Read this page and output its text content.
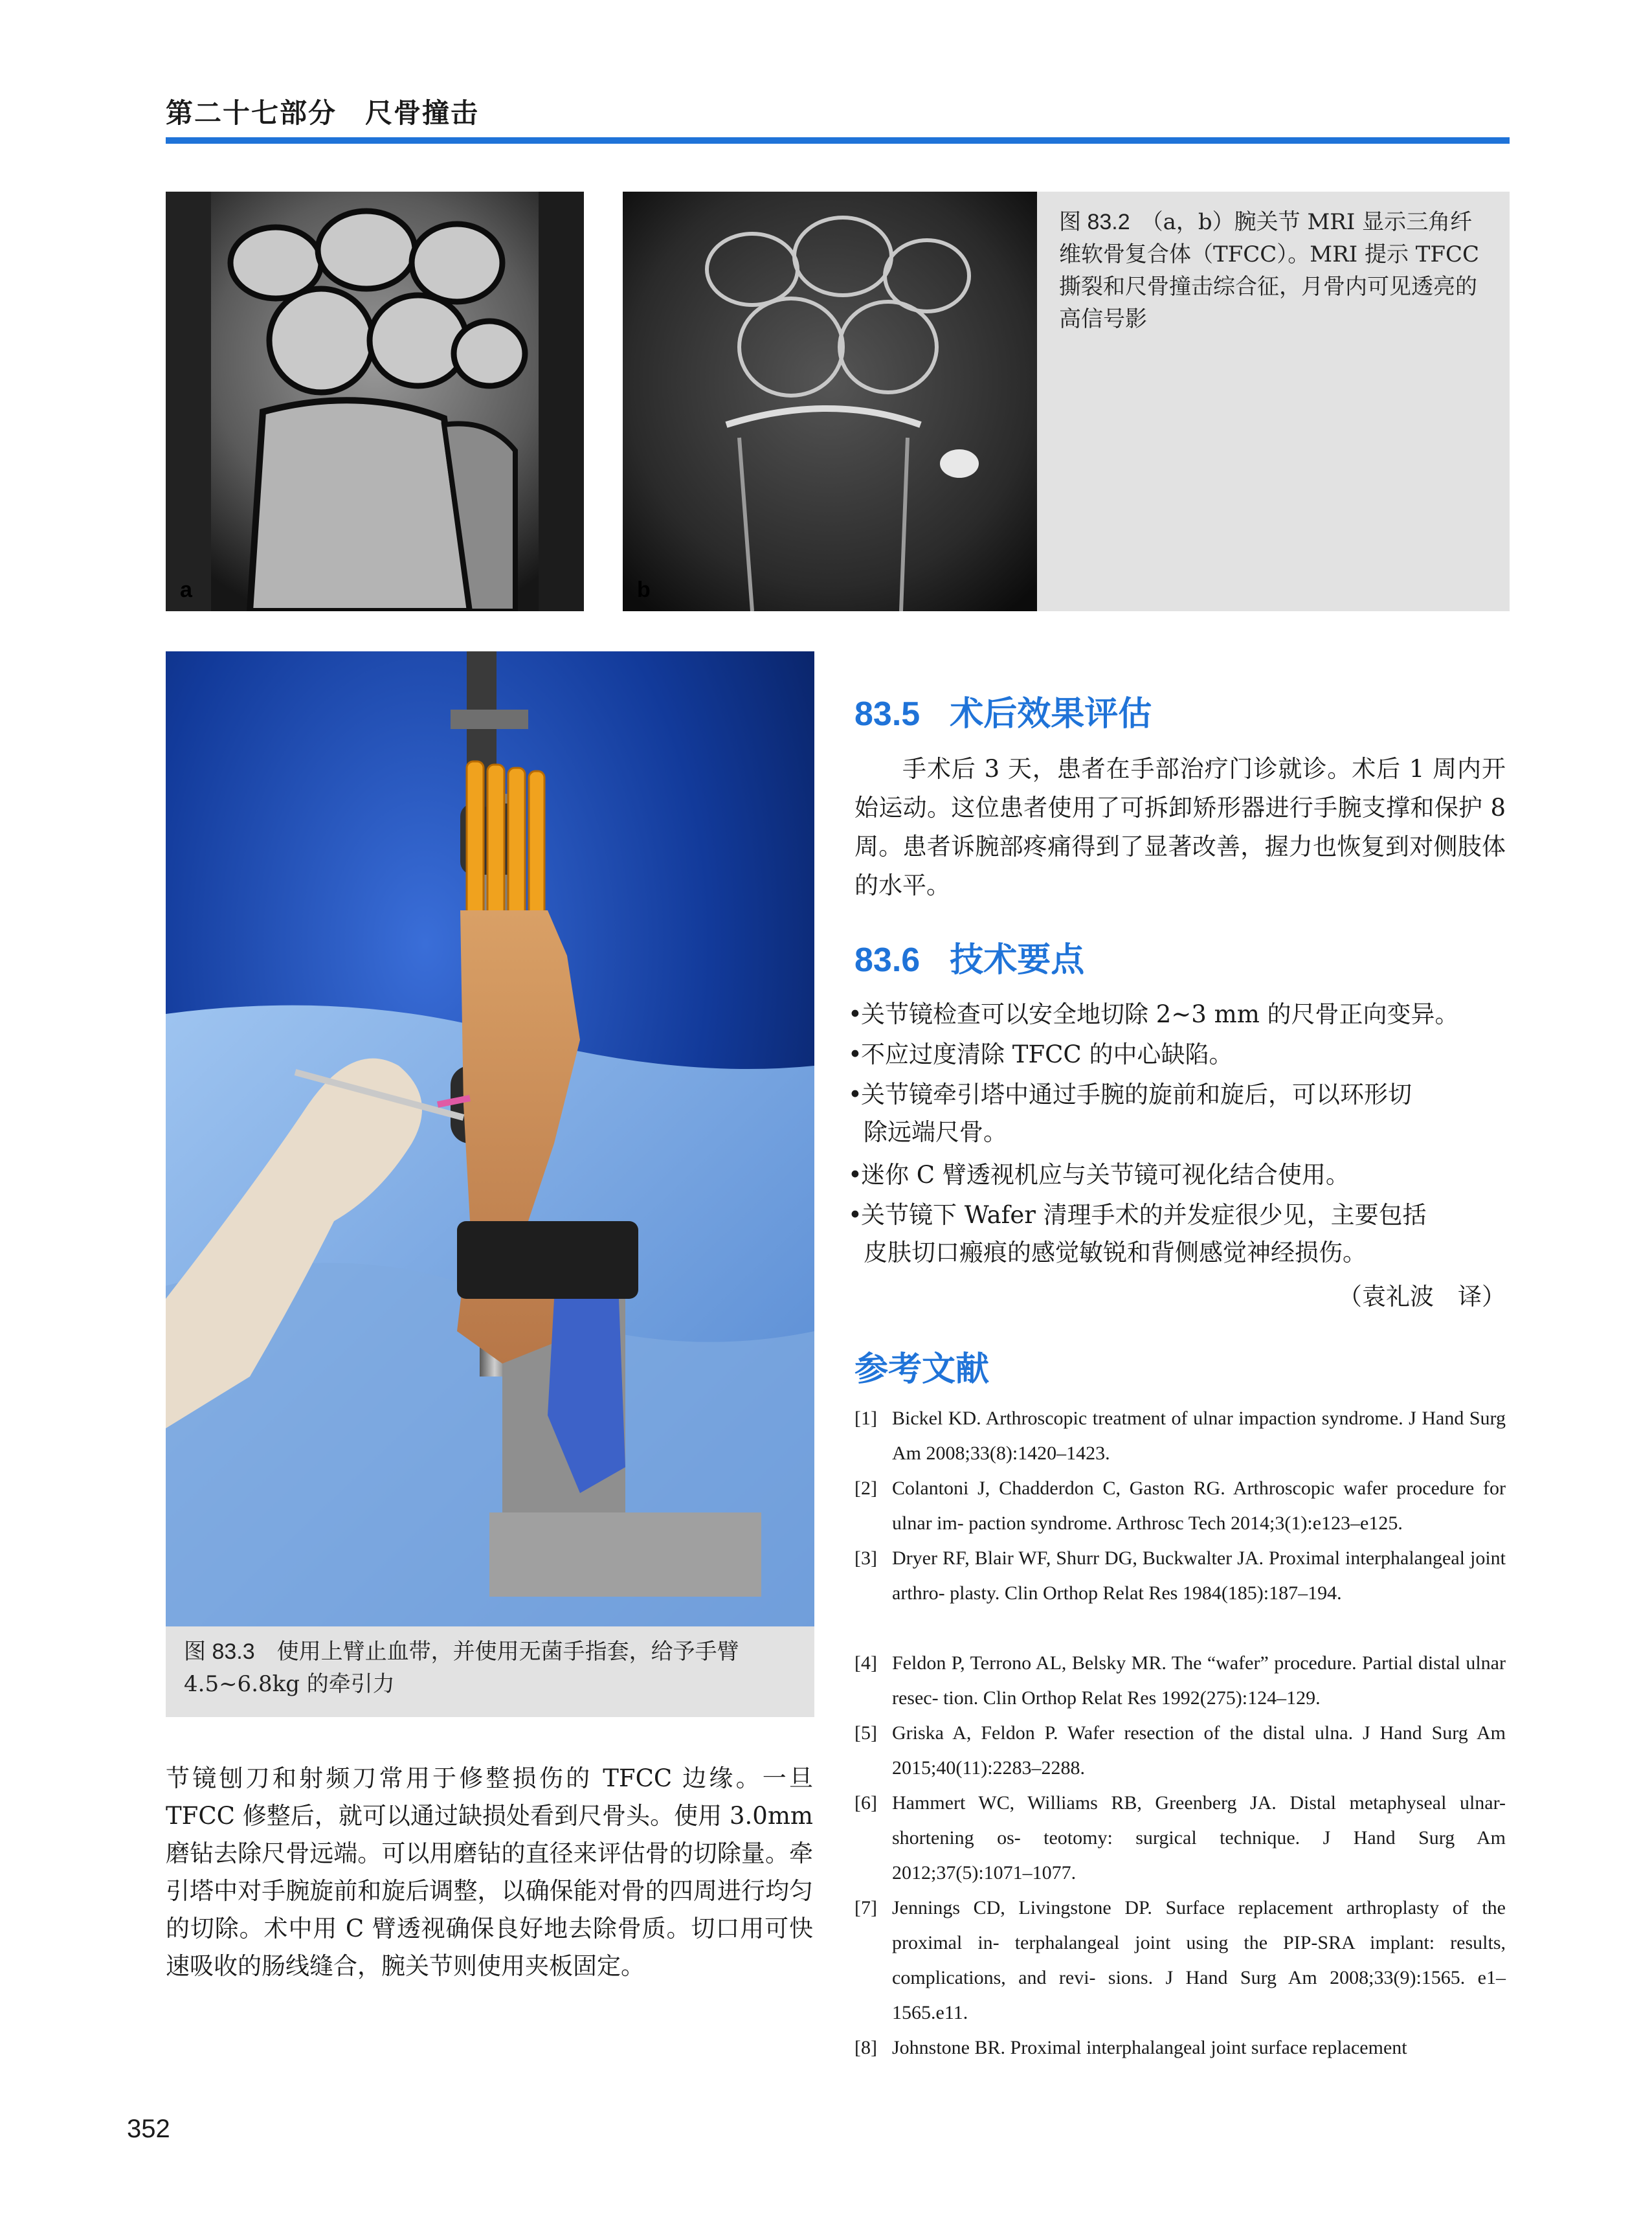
第二十七部分　尺骨撞击
a	b
图 83.2　 （a，b）腕关节 MRI 显示三角纤维软骨复合体（TFCC）。MRI 提示 TFCC 撕裂和尺骨撞击综合征，月骨内可见透亮的高信号影
图 83.3　 使用上臂止血带，并使用无菌手指套，给予手臂 4.5~6.8kg 的牵引力
83.5 术后效果评估
手术后 3 天，患者在手部治疗门诊就诊。术后 1 周内开始运动。这位患者使用了可拆卸矫形器进行手腕支撑和保护 8 周。患者诉腕部疼痛得到了显著改善，握力也恢复到对侧肢体的水平。
83.6 技术要点
•关节镜检查可以安全地切除 2~3 mm 的尺骨正向变异。
•不应过度清除 TFCC 的中心缺陷。
•关节镜牵引塔中通过手腕的旋前和旋后，可以环形切
除远端尺骨。
•迷你 C 臂透视机应与关节镜可视化结合使用。
•关节镜下 Wafer 清理手术的并发症很少见，主要包括
皮肤切口瘢痕的感觉敏锐和背侧感觉神经损伤。
（袁礼波　译）
参考文献
[1] Bickel KD. Arthroscopic treatment of ulnar impaction syndrome. J Hand Surg Am 2008;33(8):1420–1423.
[2] Colantoni J, Chadderdon C, Gaston RG. Arthroscopic wafer procedure for ulnar im- paction syndrome. Arthrosc Tech 2014;3(1):e123–e125.
[3] Dryer RF, Blair WF, Shurr DG, Buckwalter JA. Proximal interphalangeal joint arthro- plasty. Clin Orthop Relat Res 1984(185):187–194.
[4] Feldon P, Terrono AL, Belsky MR. The “wafer” procedure. Partial distal ulnar resec- tion. Clin Orthop Relat Res 1992(275):124–129.
[5] Griska A, Feldon P. Wafer resection of the distal ulna. J Hand Surg Am 2015;40(11):2283–2288.
[6] Hammert WC, Williams RB, Greenberg JA. Distal metaphyseal ulnar-shortening os- teotomy: surgical technique. J Hand Surg Am 2012;37(5):1071–1077.
[7] Jennings CD, Livingstone DP. Surface replacement arthroplasty of the proximal in- terphalangeal joint using the PIP-SRA implant: results, complications, and revi- sions. J Hand Surg Am 2008;33(9):1565. e1–1565.e11.
[8] Johnstone BR. Proximal interphalangeal joint surface replacement
节镜刨刀和射频刀常用于修整损伤的 TFCC 边缘。一旦 TFCC 修整后，就可以通过缺损处看到尺骨头。使用 3.0mm 磨钻去除尺骨远端。可以用磨钻的直径来评估骨的切除量。牵引塔中对手腕旋前和旋后调整，以确保能对骨的四周进行均匀的切除。术中用 C 臂透视确保良好地去除骨质。切口用可快速吸收的肠线缝合，腕关节则使用夹板固定。
352
